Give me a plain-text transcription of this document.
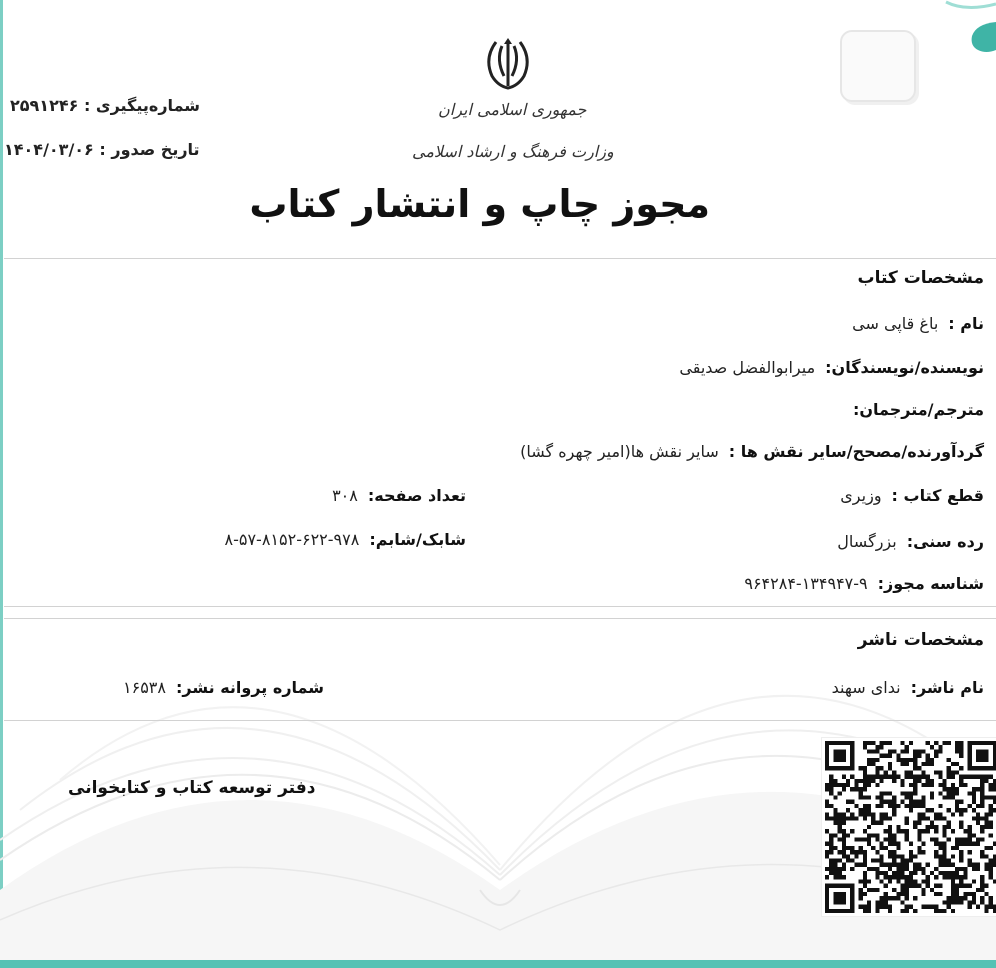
جمهوری اسلامی ایران
وزارت فرهنگ و ارشاد اسلامی
شماره‌پیگیری : ۲۵۹۱۲۴۶
تاریخ صدور : ۱۴۰۴/۰۳/۰۶
مجوز چاپ و انتشار کتاب
مشخصات کتاب
نام :باغ قاپی سی
نویسنده/نویسندگان:میرابوالفضل صدیقی
مترجم/مترجمان:
گردآورنده/مصحح/سایر نقش ها :سایر نقش ها(امیر چهره گشا)
قطع کتاب :وزیری
تعداد صفحه:۳۰۸
رده سنی:بزرگسال
شابک/شابم:۹۷۸-۶۲۲-۸۱۵۲-۵۷-۸
شناسه مجوز:۹-۱۳۴۹۴۷-۹۶۴۲۸۴
مشخصات ناشر
نام ناشر:ندای سهند
شماره پروانه نشر:۱۶۵۳۸
دفتر توسعه کتاب و کتابخوانی
